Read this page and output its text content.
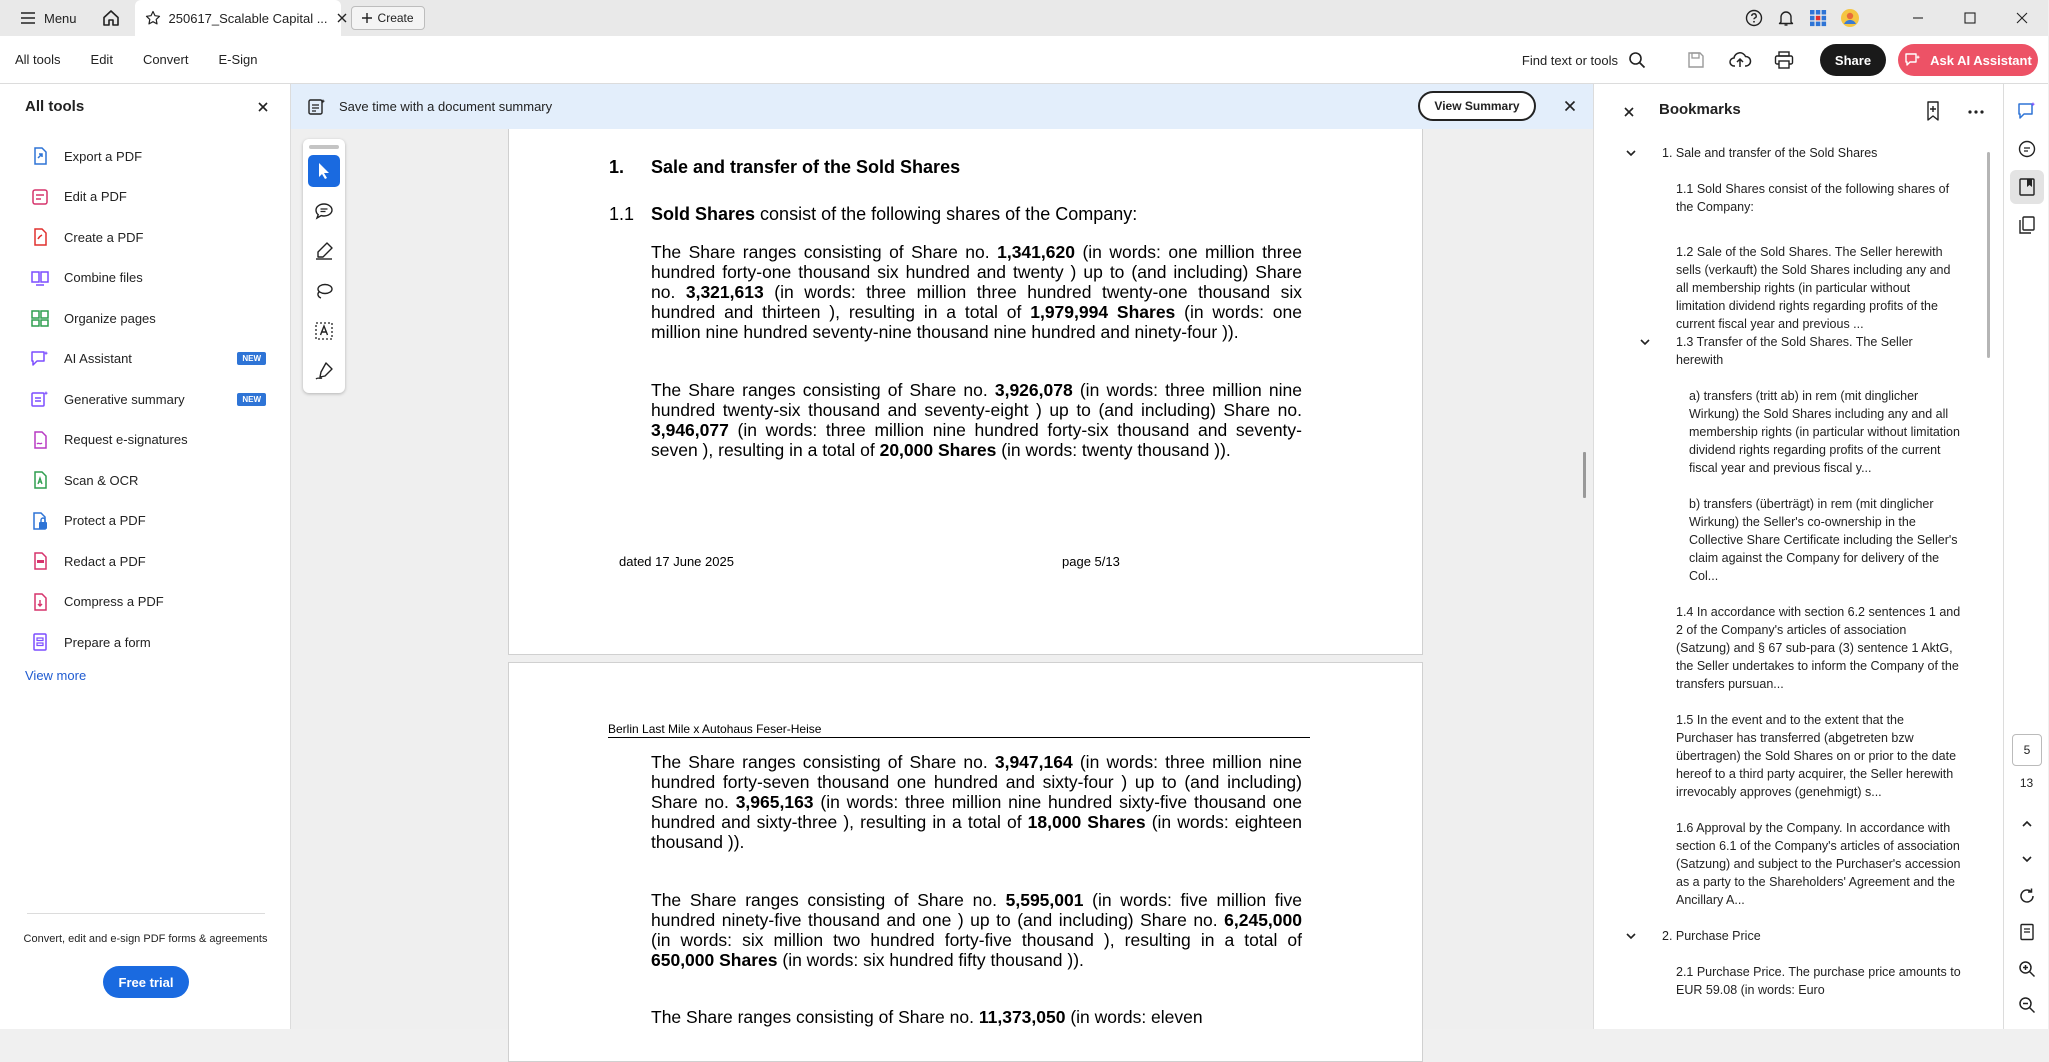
Menu	250617_Scalable Capital ...	Create
All tools	Edit	Convert	E-Sign	Find text or tools	Share	Ask AI Assistant
All tools
Export a PDF
Edit a PDF
Create a PDF
Combine files
Organize pages
AI Assistant	NEW
Generative summary	NEW
Request e-signatures
Scan & OCR
Protect a PDF
Redact a PDF
Compress a PDF
Prepare a form
View more
Convert, edit and e-sign PDF forms & agreements
Free trial
1. Sale and transfer of the Sold Shares
1.1 Sold Shares consist of the following shares of the Company:
The Share ranges consisting of Share no. 1,341,620 (in words: one million three hundred forty-one thousand six hundred and twenty ) up to (and including) Share no. 3,321,613 (in words: three million three hundred twenty-one thousand six hundred and thirteen ), resulting in a total of 1,979,994 Shares (in words: one million nine hundred seventy-nine thousand nine hundred and ninety-four )).
The Share ranges consisting of Share no. 3,926,078 (in words: three million nine hundred twenty-six thousand and seventy-eight ) up to (and including) Share no. 3,946,077 (in words: three million nine hundred forty-six thousand and seventy-seven ), resulting in a total of 20,000 Shares (in words: twenty thousand )).
dated 17 June 2025	page 5/13
Berlin Last Mile x Autohaus Feser-Heise
The Share ranges consisting of Share no. 3,947,164 (in words: three million nine hundred forty-seven thousand one hundred and sixty-four ) up to (and including) Share no. 3,965,163 (in words: three million nine hundred sixty-five thousand one hundred and sixty-three ), resulting in a total of 18,000 Shares (in words: eighteen thousand )).
The Share ranges consisting of Share no. 5,595,001 (in words: five million five hundred ninety-five thousand and one ) up to (and including) Share no. 6,245,000 (in words: six million two hundred forty-five thousand ), resulting in a total of 650,000 Shares (in words: six hundred fifty thousand )).
The Share ranges consisting of Share no. 11,373,050 (in words: eleven
Save time with a document summary	View Summary	Bookmarks
1. Sale and transfer of the Sold Shares
1.1 Sold Shares consist of the following shares of the Company:
1.2 Sale of the Sold Shares. The Seller herewith sells (verkauft) the Sold Shares including any and all membership rights (in particular without limitation dividend rights regarding profits of the current fiscal year and previous ...
1.3 Transfer of the Sold Shares. The Seller herewith
a) transfers (tritt ab) in rem (mit dinglicher Wirkung) the Sold Shares including any and all membership rights (in particular without limitation dividend rights regarding profits of the current fiscal year and previous fiscal y...
b) transfers (überträgt) in rem (mit dinglicher Wirkung) the Seller's co-ownership in the Collective Share Certificate including the Seller's claim against the Company for delivery of the Col...
1.4 In accordance with section 6.2 sentences 1 and 2 of the Company's articles of association (Satzung) and § 67 sub-para (3) sentence 1 AktG, the Seller undertakes to inform the Company of the transfers pursuan...
1.5 In the event and to the extent that the Purchaser has transferred (abgetreten bzw übertragen) the Sold Shares on or prior to the date hereof to a third party acquirer, the Seller herewith irrevocably approves (genehmigt) s...
1.6 Approval by the Company. In accordance with section 6.1 of the Company's articles of association (Satzung) and subject to the Purchaser's accession as a party to the Shareholders' Agreement and the Ancillary A...
2. Purchase Price
2.1 Purchase Price. The purchase price amounts to EUR 59.08 (in words: Euro
5
13
